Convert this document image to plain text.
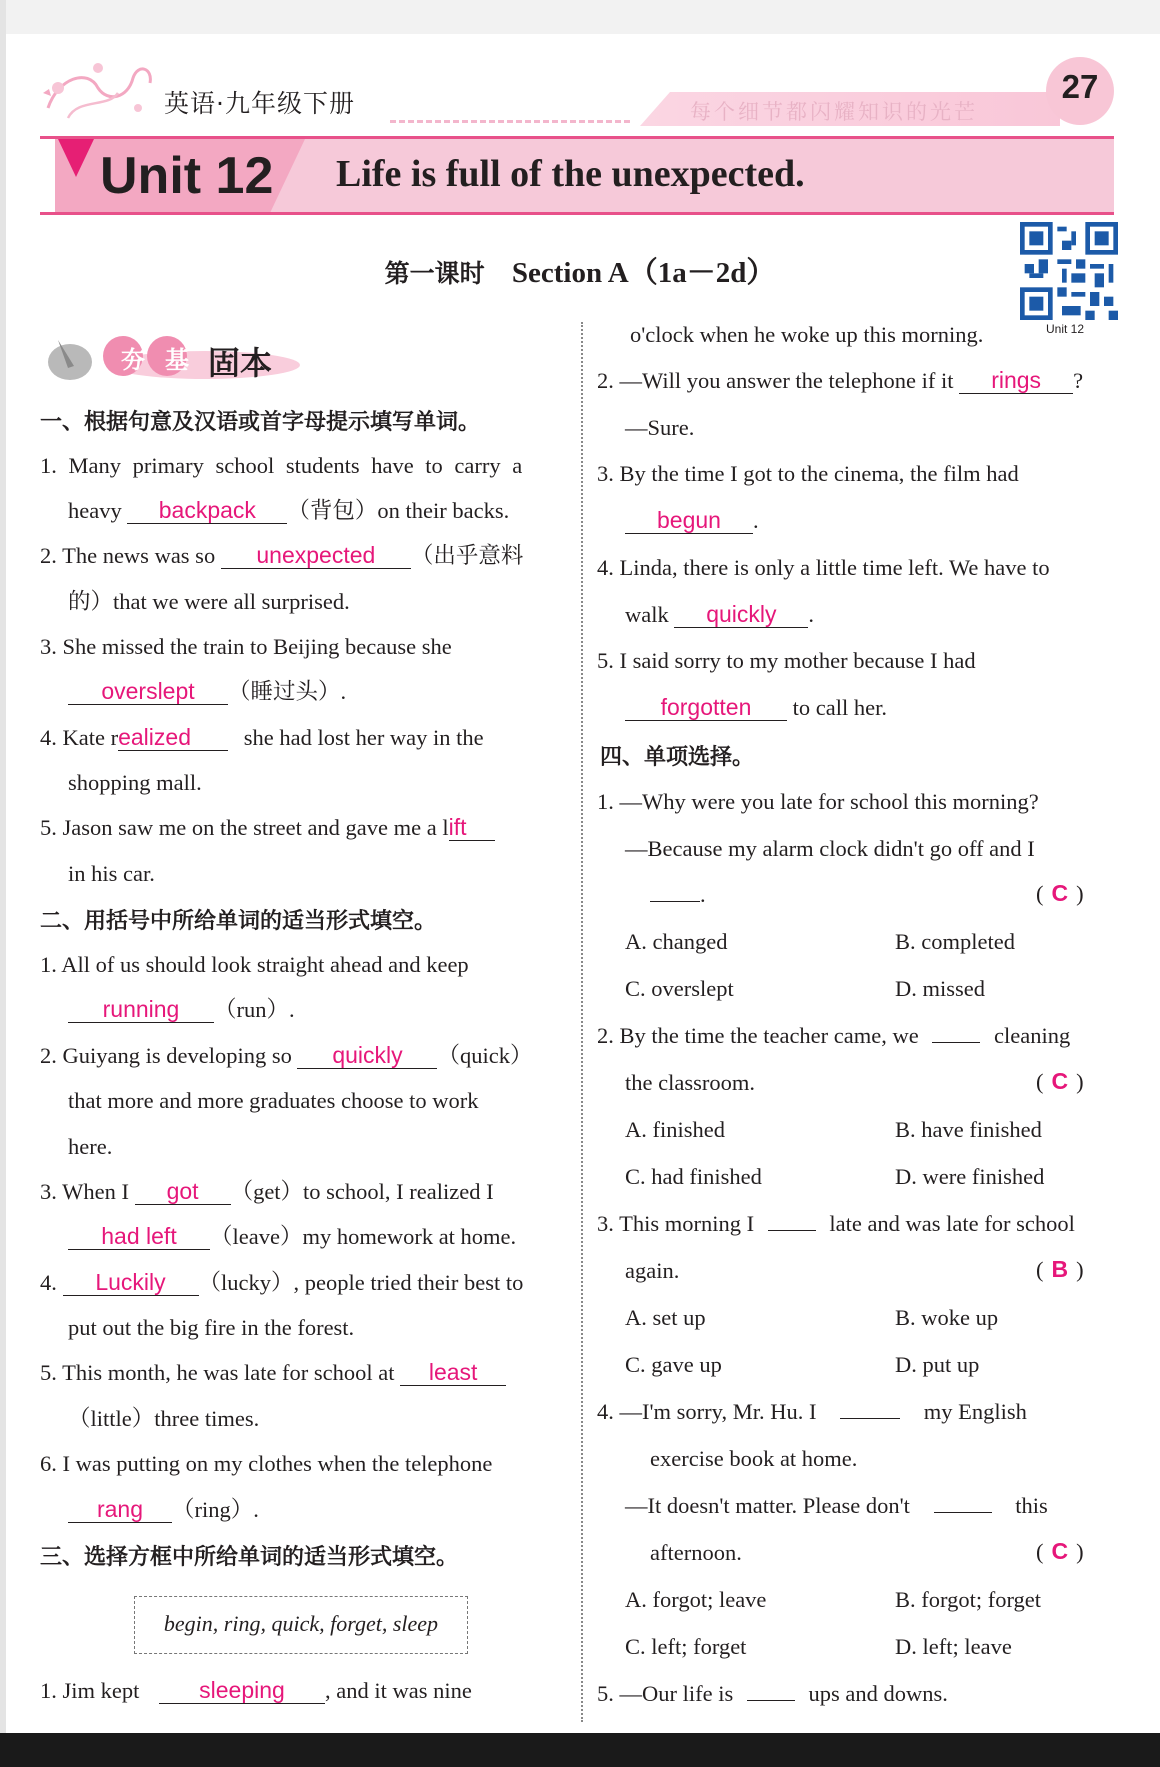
英语·九年级下册	每个细节都闪耀知识的光芒
27
Unit 12 Life is full of the unexpected.
第一课时 Section A（1a－2d）
Unit 12
夯 基 固本
一、根据句意及汉语或首字母提示填写单词。
1. Many primary school students have to carry a
heavy backpack （背包）on their backs.
2. The news was so unexpected （出乎意料
的）that we were all surprised.
3. She missed the train to Beijing because she
overslept （睡过头）.
4. Kate realized she had lost her way in the
shopping mall.
5. Jason saw me on the street and gave me a lift
in his car.
二、用括号中所给单词的适当形式填空。
1. All of us should look straight ahead and keep
running （run）.
2. Guiyang is developing so quickly （quick）
that more and more graduates choose to work
here.
3. When I got （get）to school, I realized I
had left （leave）my homework at home.
4. Luckily （lucky）, people tried their best to
put out the big fire in the forest.
5. This month, he was late for school at least
（little）three times.
6. I was putting on my clothes when the telephone
rang （ring）.
三、选择方框中所给单词的适当形式填空。
begin, ring, quick, forget, sleep
1. Jim kept	sleeping , and it was nine
o'clock when he woke up this morning.
2. —Will you answer the telephone if it rings ?
—Sure.
3. By the time I got to the cinema, the film had
begun .
4. Linda, there is only a little time left. We have to
walk quickly .
5. I said sorry to my mother because I had
forgotten to call her.
四、单项选择。
1. —Why were you late for school this morning?
—Because my alarm clock didn't go off and I
.	( C )
A. changed	B. completed
C. overslept	D. missed
2. By the time the teacher came, we	cleaning
the classroom.	( C )
A. finished	B. have finished
C. had finished	D. were finished
3. This morning I	late and was late for school
again.	( B )
A. set up	B. woke up
C. gave up	D. put up
4. —I'm sorry, Mr. Hu. I	my English
exercise book at home.
—It doesn't matter. Please don't	this
afternoon.	( C )
A. forgot; leave	B. forgot; forget
C. left; forget	D. left; leave
5. —Our life is	ups and downs.
